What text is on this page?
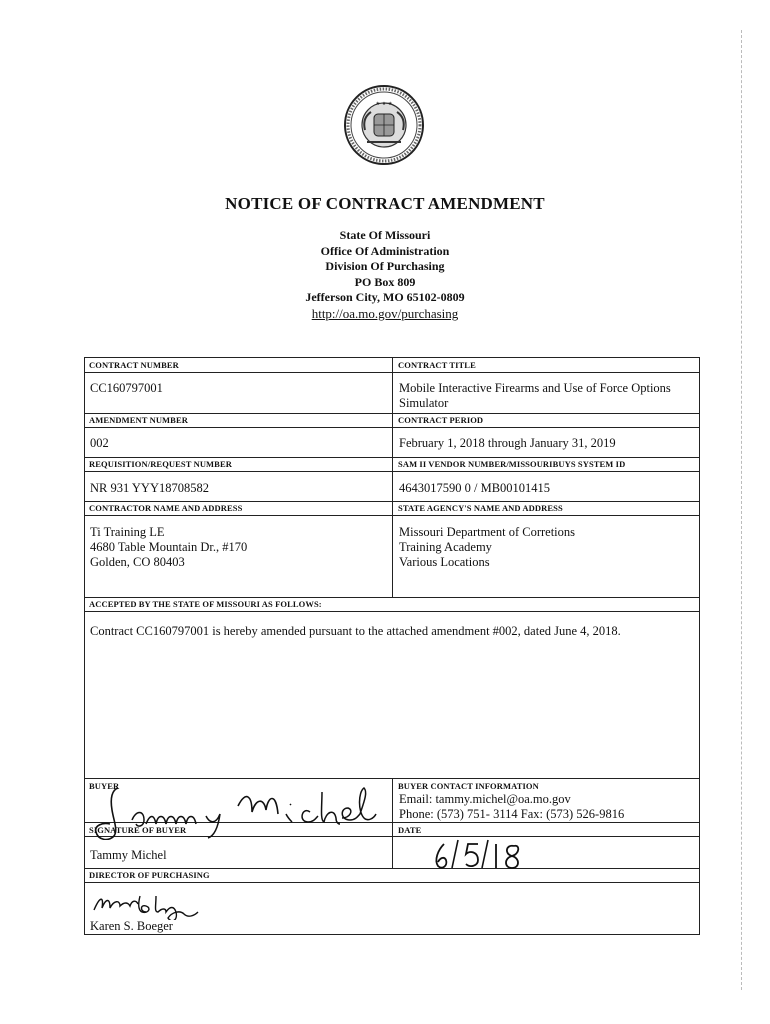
★ ★ ★
NOTICE OF CONTRACT AMENDMENT
State Of Missouri
Office Of Administration
Division Of Purchasing
PO Box 809
Jefferson City, MO 65102-0809
http://oa.mo.gov/purchasing
CONTRACT NUMBER
CC160797001
CONTRACT TITLE
Mobile Interactive Firearms and Use of Force Options Simulator
AMENDMENT NUMBER
002
CONTRACT PERIOD
February 1, 2018 through January 31, 2019
REQUISITION/REQUEST NUMBER
NR 931 YYY18708582
SAM II VENDOR NUMBER/MISSOURIBUYS SYSTEM ID
4643017590 0 / MB00101415
CONTRACTOR NAME AND ADDRESS
Ti Training LE
4680 Table Mountain Dr., #170
Golden, CO 80403
STATE AGENCY'S NAME AND ADDRESS
Missouri Department of Corretions
Training Academy
Various Locations
ACCEPTED BY THE STATE OF MISSOURI AS FOLLOWS:
Contract CC160797001 is hereby amended pursuant to the attached amendment #002, dated June 4, 2018.
BUYER
SIGNATURE OF BUYER
Tammy Michel
BUYER CONTACT INFORMATION
Email: tammy.michel@oa.mo.gov
Phone: (573) 751- 3114 Fax: (573) 526-9816
DATE
DIRECTOR OF PURCHASING
Karen S. Boeger
